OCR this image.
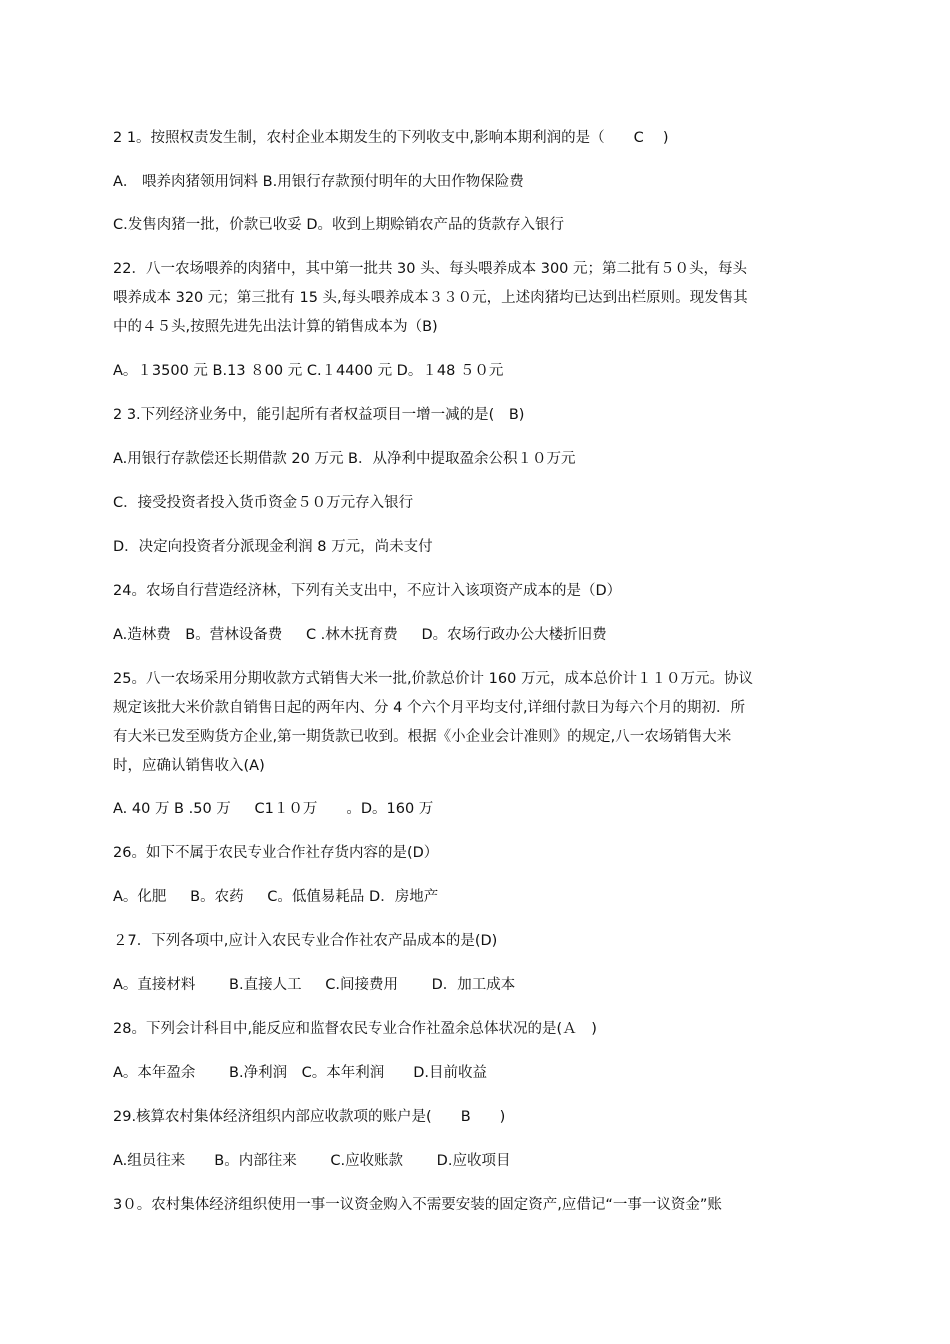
2 1。按照权责发生制，农村企业本期发生的下列收支中,影响本期利润的是（　　C　 )
A． 喂养肉猪领用饲料 B.用银行存款预付明年的大田作物保险费
C.发售肉猪一批，价款已收妥 D。收到上期赊销农产品的货款存入银行
22．八一农场喂养的肉猪中，其中第一批共 30 头、每头喂养成本 300 元；第二批有５０头，每头
喂养成本 320 元；第三批有 15 头,每头喂养成本３３０元，上述肉猪均已达到出栏原则。现发售其
中的４５头,按照先进先出法计算的销售成本为（B)
A。１3500 元 B.13 ８00 元 C.１4400 元 D。１48 ５０元
2 3.下列经济业务中，能引起所有者权益项目一增一减的是(　B)
A.用银行存款偿还长期借款 20 万元 B．从净利中提取盈余公积１０万元
C．接受投资者投入货币资金５０万元存入银行
D．决定向投资者分派现金利润 8 万元，尚未支付
24。农场自行营造经济林，下列有关支出中，不应计入该项资产成本的是（D）
A.造林费　B。营林设备费 　 C .林木抚育费 　 D。农场行政办公大楼折旧费
25。八一农场采用分期收款方式销售大米一批,价款总价计 160 万元，成本总价计１１０万元。协议
规定该批大米价款自销售日起的两年内、分 4 个六个月平均支付,详细付款日为每六个月的期初．所
有大米已发至购货方企业,第一期货款已收到。根据《小企业会计准则》的规定,八一农场销售大米
时，应确认销售收入(A)
A. 40 万 B .50 万 　 C1１０万　　。D。160 万
26。如下不属于农民专业合作社存货内容的是(D）
A。化肥 　 B。农药 　 C。低值易耗品 D．房地产
２7．下列各项中,应计入农民专业合作社农产品成本的是(D)
A。直接材料　　 B.直接人工 　 C.间接费用　　 D．加工成本
28。下列会计科目中,能反应和监督农民专业合作社盈余总体状况的是(Ａ　)
A。本年盈余　 　B.净利润　C。本年利润　　D.目前收益
29.核算农村集体经济组织内部应收款项的账户是(　　B　　)
A.组员往来　　B。内部往来 　　C.应收账款 　　D.应收项目
3０。农村集体经济组织使用一事一议资金购入不需要安装的固定资产,应借记“一事一议资金”账
